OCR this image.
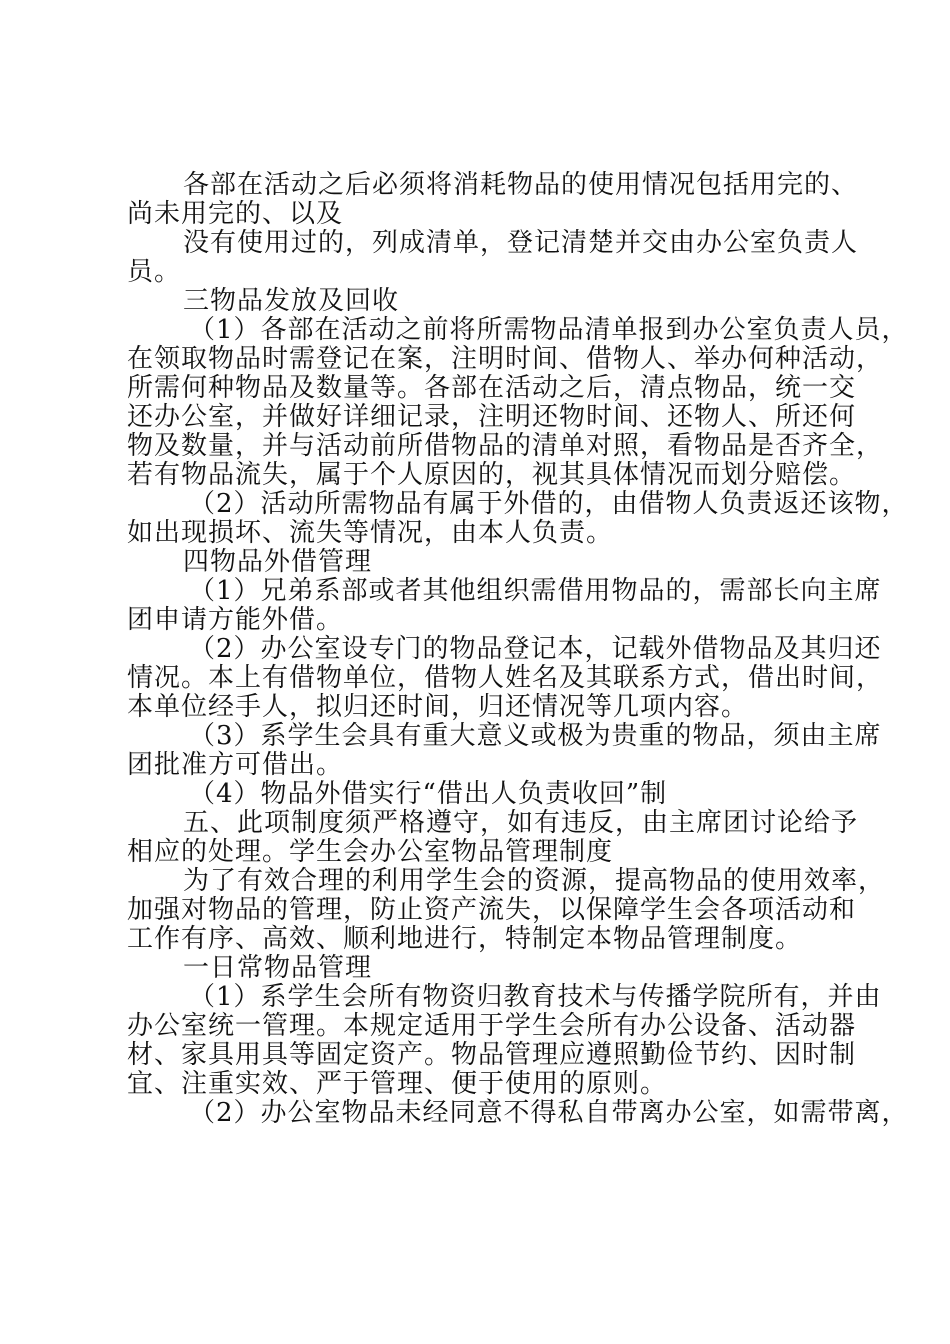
各部在活动之后必须将消耗物品的使用情况包括用完的、
尚未用完的、以及
没有使用过的，列成清单，登记清楚并交由办公室负责人
员。
三物品发放及回收
（1）各部在活动之前将所需物品清单报到办公室负责人员，
在领取物品时需登记在案，注明时间、借物人、举办何种活动，
所需何种物品及数量等。各部在活动之后，清点物品，统一交
还办公室，并做好详细记录，注明还物时间、还物人、所还何
物及数量，并与活动前所借物品的清单对照，看物品是否齐全，
若有物品流失，属于个人原因的，视其具体情况而划分赔偿。
（2）活动所需物品有属于外借的，由借物人负责返还该物，
如出现损坏、流失等情况，由本人负责。
四物品外借管理
（1）兄弟系部或者其他组织需借用物品的，需部长向主席
团申请方能外借。
（2）办公室设专门的物品登记本，记载外借物品及其归还
情况。本上有借物单位，借物人姓名及其联系方式，借出时间，
本单位经手人，拟归还时间，归还情况等几项内容。
（3）系学生会具有重大意义或极为贵重的物品，须由主席
团批准方可借出。
（4）物品外借实行“借出人负责收回”制
五、此项制度须严格遵守，如有违反，由主席团讨论给予
相应的处理。学生会办公室物品管理制度
为了有效合理的利用学生会的资源，提高物品的使用效率，
加强对物品的管理，防止资产流失，以保障学生会各项活动和
工作有序、高效、顺利地进行，特制定本物品管理制度。
一日常物品管理
（1）系学生会所有物资归教育技术与传播学院所有，并由
办公室统一管理。本规定适用于学生会所有办公设备、活动器
材、家具用具等固定资产。物品管理应遵照勤俭节约、因时制
宜、注重实效、严于管理、便于使用的原则。
（2）办公室物品未经同意不得私自带离办公室，如需带离，
